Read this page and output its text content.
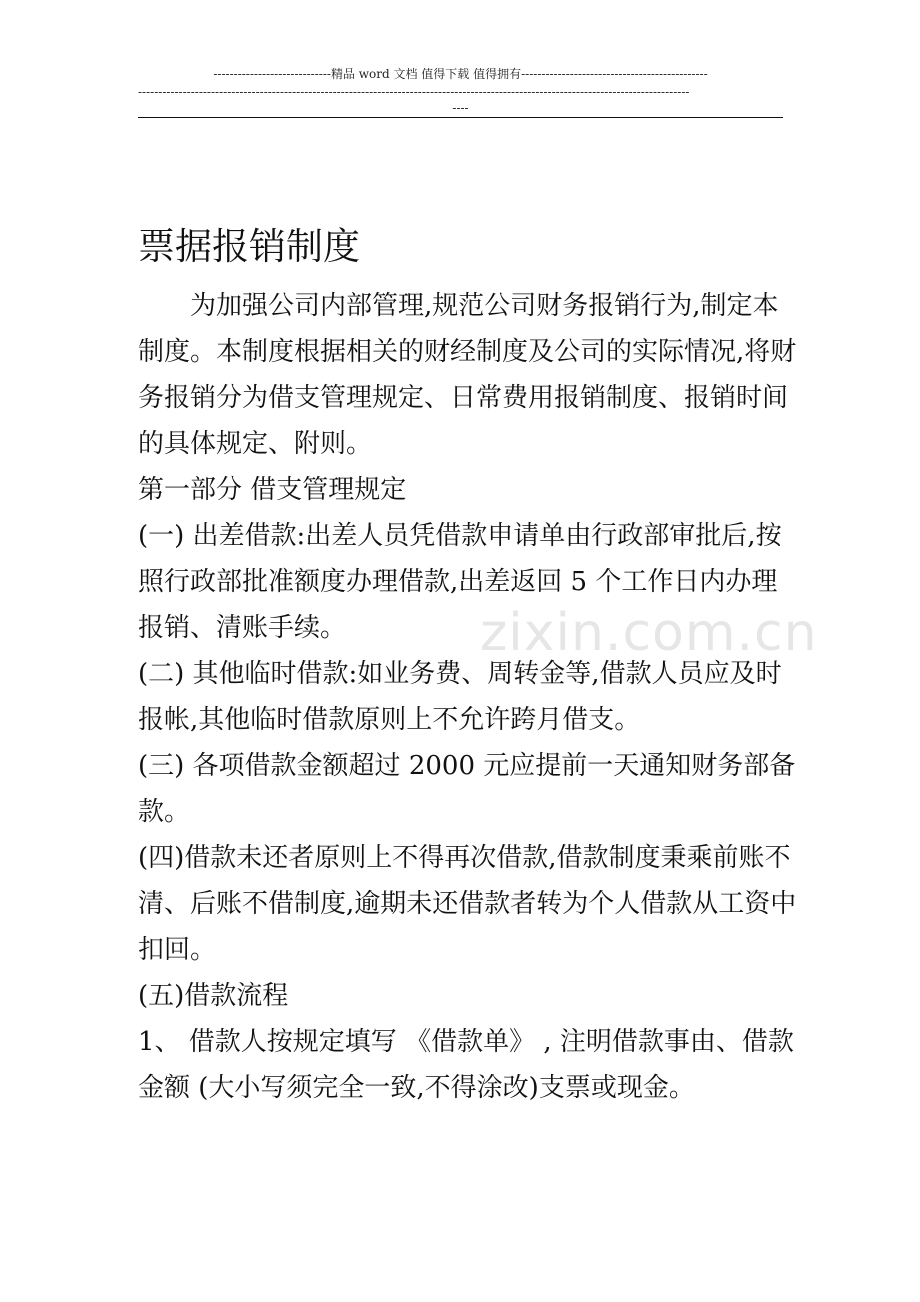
-----------------------------精品 word 文档 值得下载 值得拥有----------------------------------------------
----------------------------------------------------------------------------------------------------------------------------------------
----
票据报销制度

为加强公司内部管理,规范公司财务报销行为,制定本制度。本制度根据相关的财经制度及公司的实际情况,将财务报销分为借支管理规定、日常费用报销制度、报销时间的具体规定、附则。

第一部分 借支管理规定

(一) 出差借款:出差人员凭借款申请单由行政部审批后,按照行政部批准额度办理借款,出差返回 5 个工作日内办理报销、清账手续。

(二) 其他临时借款:如业务费、周转金等,借款人员应及时报帐,其他临时借款原则上不允许跨月借支。

(三) 各项借款金额超过 2000 元应提前一天通知财务部备款。

(四)借款未还者原则上不得再次借款,借款制度秉乘前账不清、后账不借制度,逾期未还借款者转为个人借款从工资中扣回。

(五)借款流程

1、 借款人按规定填写 《借款单》 , 注明借款事由、借款金额 (大小写须完全一致,不得涂改)支票或现金。

zixin.com.cn
